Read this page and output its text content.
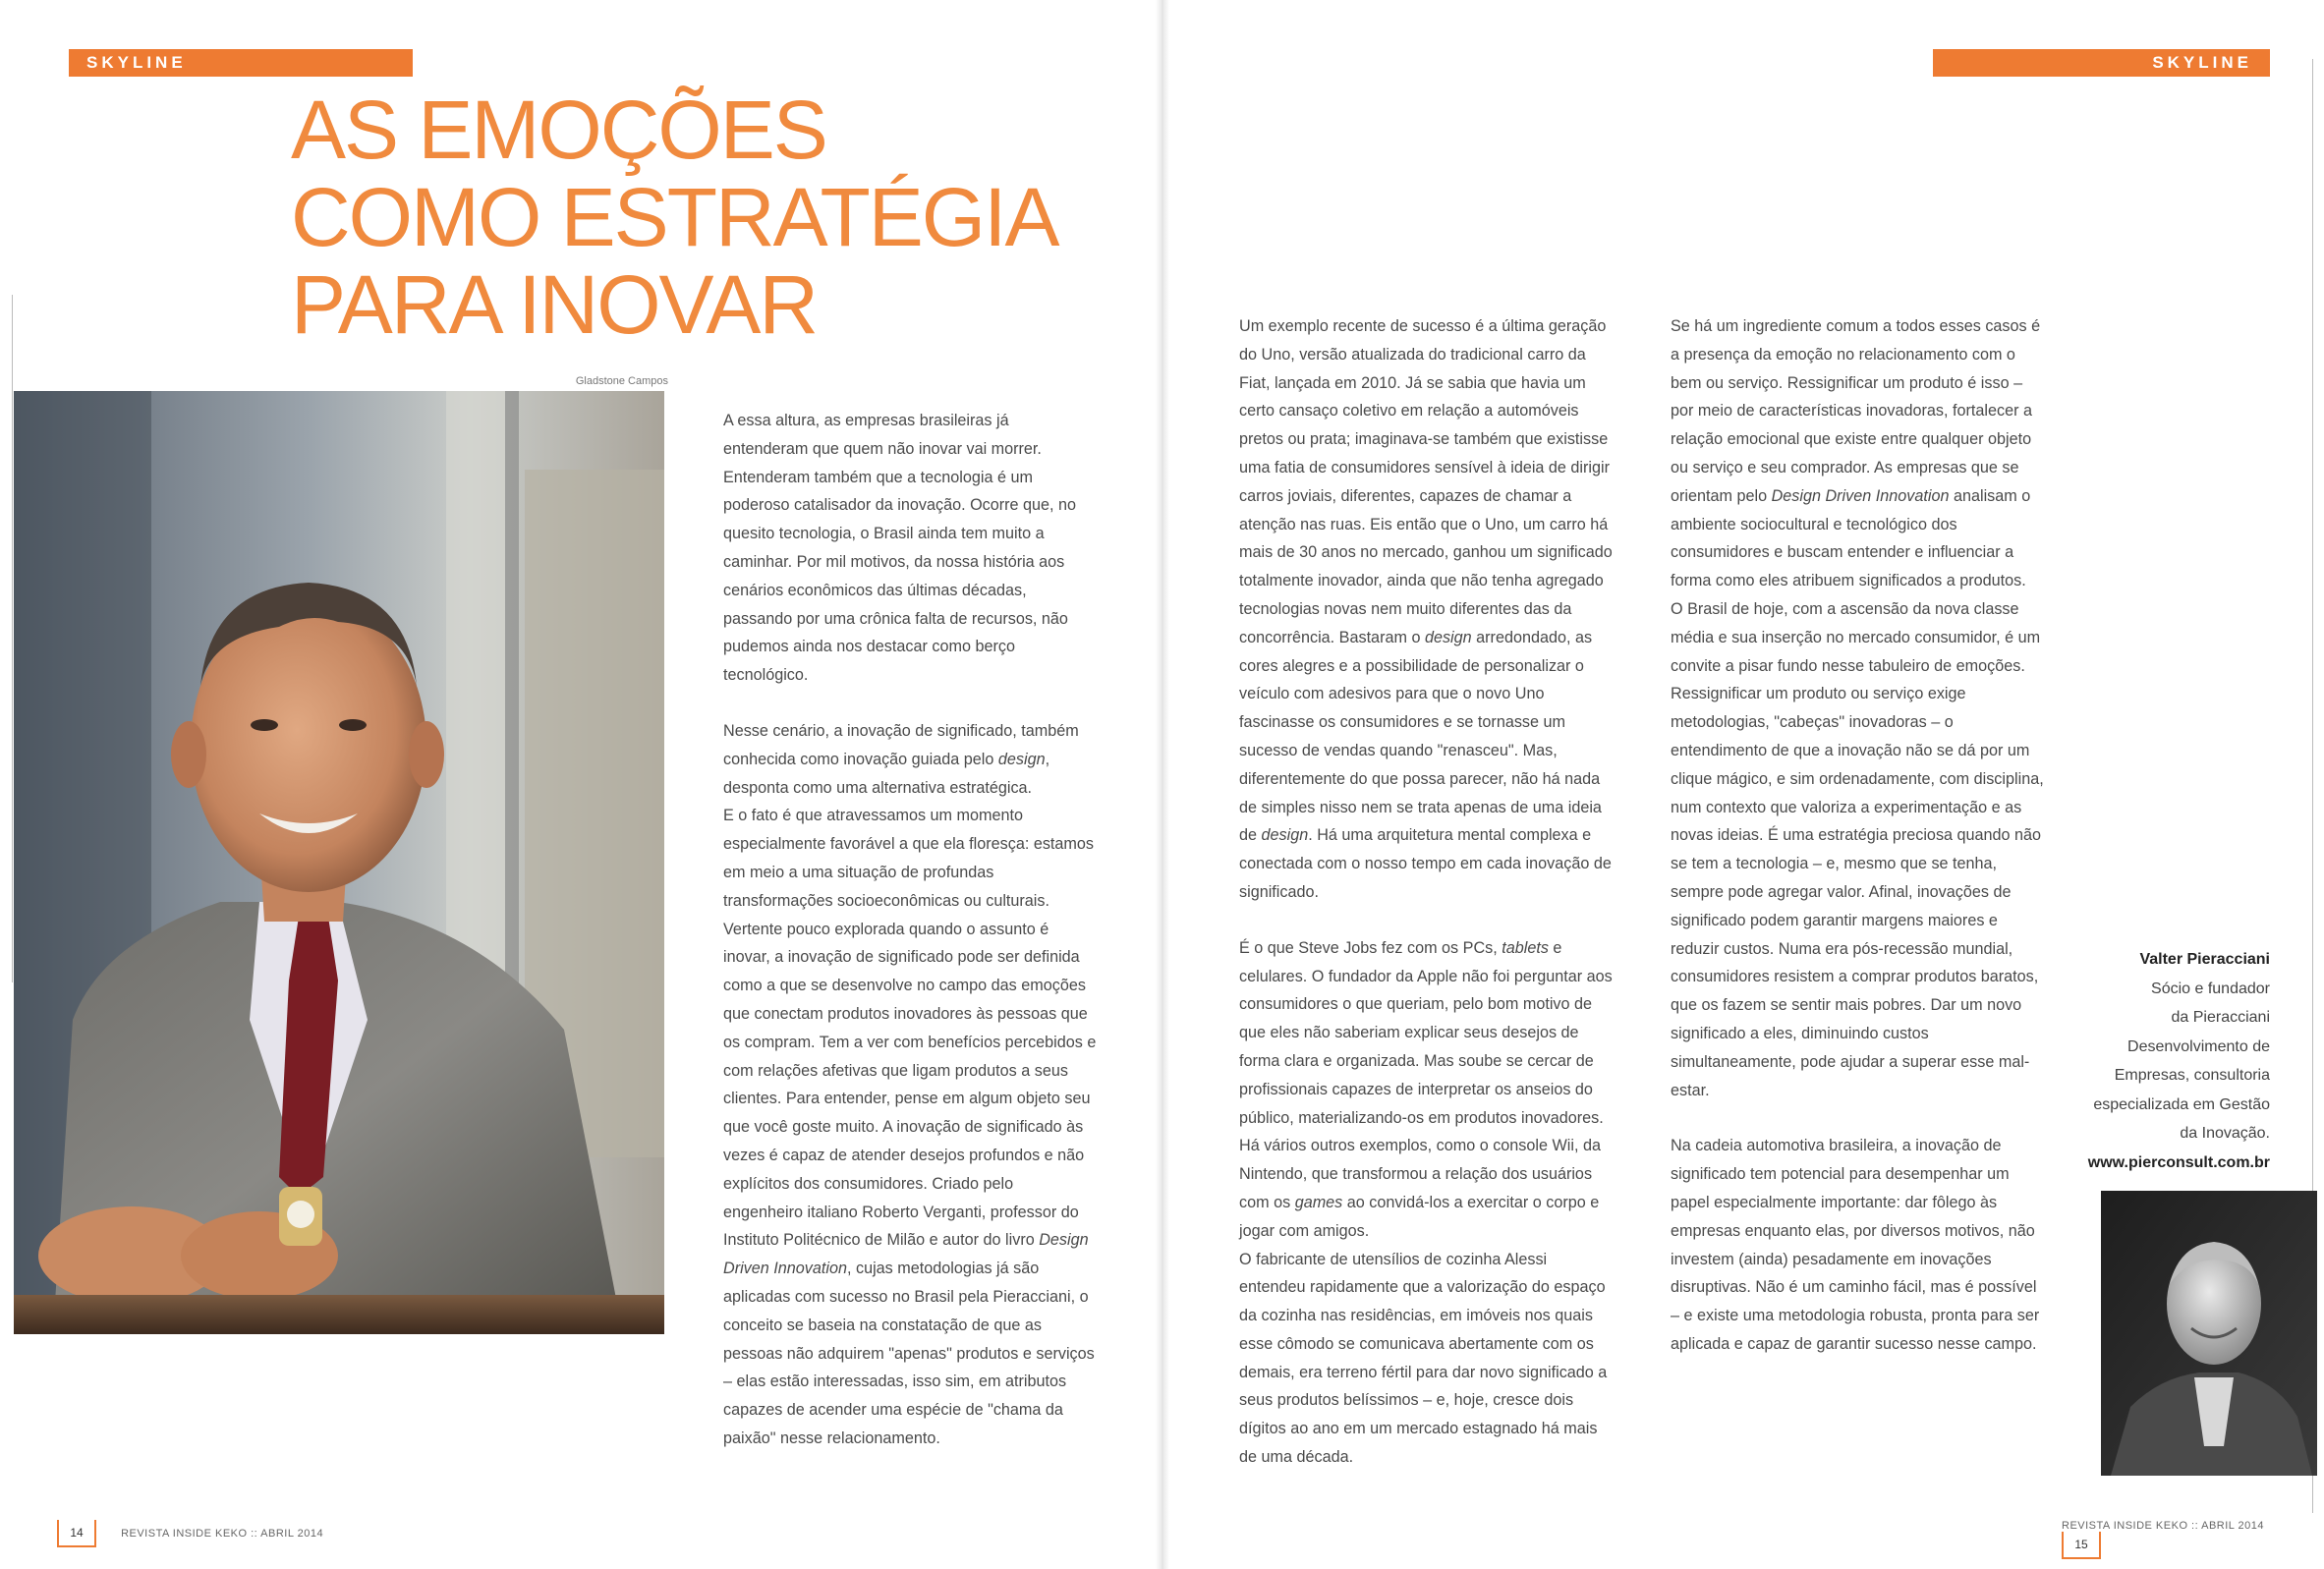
SKYLINE	SKYLINE
AS EMOÇÕES
COMO ESTRATÉGIA
PARA INOVAR
Gladstone Campos

A essa altura, as empresas brasileiras já entenderam que quem não inovar vai morrer. Entenderam também que a tecnologia é um poderoso catalisador da inovação. Ocorre que, no quesito tecnologia, o Brasil ainda tem muito a caminhar. Por mil motivos, da nossa história aos cenários econômicos das últimas décadas, passando por uma crônica falta de recursos, não pudemos ainda nos destacar como berço tecnológico.

Nesse cenário, a inovação de significado, também conhecida como inovação guiada pelo design, desponta como uma alternativa estratégica.

E o fato é que atravessamos um momento especialmente favorável a que ela floresça: estamos em meio a uma situação de profundas transformações socioeconômicas ou culturais. Vertente pouco explorada quando o assunto é inovar, a inovação de significado pode ser definida como a que se desenvolve no campo das emoções que conectam produtos inovadores às pessoas que os compram. Tem a ver com benefícios percebidos e com relações afetivas que ligam produtos a seus clientes. Para entender, pense em algum objeto seu que você goste muito. A inovação de significado às vezes é capaz de atender desejos profundos e não explícitos dos consumidores. Criado pelo engenheiro italiano Roberto Verganti, professor do Instituto Politécnico de Milão e autor do livro Design Driven Innovation, cujas metodologias já são aplicadas com sucesso no Brasil pela Pieracciani, o conceito se baseia na constatação de que as pessoas não adquirem "apenas" produtos e serviços – elas estão interessadas, isso sim, em atributos capazes de acender uma espécie de "chama da paixão" nesse relacionamento.

Um exemplo recente de sucesso é a última geração do Uno, versão atualizada do tradicional carro da Fiat, lançada em 2010. Já se sabia que havia um certo cansaço coletivo em relação a automóveis pretos ou prata; imaginava-se também que existisse uma fatia de consumidores sensível à ideia de dirigir carros joviais, diferentes, capazes de chamar a atenção nas ruas. Eis então que o Uno, um carro há mais de 30 anos no mercado, ganhou um significado totalmente inovador, ainda que não tenha agregado tecnologias novas nem muito diferentes das da concorrência. Bastaram o design arredondado, as cores alegres e a possibilidade de personalizar o veículo com adesivos para que o novo Uno fascinasse os consumidores e se tornasse um sucesso de vendas quando "renasceu". Mas, diferentemente do que possa parecer, não há nada de simples nisso nem se trata apenas de uma ideia de design. Há uma arquitetura mental complexa e conectada com o nosso tempo em cada inovação de significado.

É o que Steve Jobs fez com os PCs, tablets e celulares. O fundador da Apple não foi perguntar aos consumidores o que queriam, pelo bom motivo de que eles não saberiam explicar seus desejos de forma clara e organizada. Mas soube se cercar de profissionais capazes de interpretar os anseios do público, materializando-os em produtos inovadores. Há vários outros exemplos, como o console Wii, da Nintendo, que transformou a relação dos usuários com os games ao convidá-los a exercitar o corpo e jogar com amigos.

O fabricante de utensílios de cozinha Alessi entendeu rapidamente que a valorização do espaço da cozinha nas residências, em imóveis nos quais esse cômodo se comunicava abertamente com os demais, era terreno fértil para dar novo significado a seus produtos belíssimos – e, hoje, cresce dois dígitos ao ano em um mercado estagnado há mais de uma década.

Se há um ingrediente comum a todos esses casos é a presença da emoção no relacionamento com o bem ou serviço. Ressignificar um produto é isso – por meio de características inovadoras, fortalecer a relação emocional que existe entre qualquer objeto ou serviço e seu comprador. As empresas que se orientam pelo Design Driven Innovation analisam o ambiente sociocultural e tecnológico dos consumidores e buscam entender e influenciar a forma como eles atribuem significados a produtos.

O Brasil de hoje, com a ascensão da nova classe média e sua inserção no mercado consumidor, é um convite a pisar fundo nesse tabuleiro de emoções. Ressignificar um produto ou serviço exige metodologias, "cabeças" inovadoras – o entendimento de que a inovação não se dá por um clique mágico, e sim ordenadamente, com disciplina, num contexto que valoriza a experimentação e as novas ideias. É uma estratégia preciosa quando não se tem a tecnologia – e, mesmo que se tenha, sempre pode agregar valor. Afinal, inovações de significado podem garantir margens maiores e reduzir custos. Numa era pós-recessão mundial, consumidores resistem a comprar produtos baratos, que os fazem se sentir mais pobres. Dar um novo significado a eles, diminuindo custos simultaneamente, pode ajudar a superar esse mal-estar.

Na cadeia automotiva brasileira, a inovação de significado tem potencial para desempenhar um papel especialmente importante: dar fôlego às empresas enquanto elas, por diversos motivos, não investem (ainda) pesadamente em inovações disruptivas. Não é um caminho fácil, mas é possível – e existe uma metodologia robusta, pronta para ser aplicada e capaz de garantir sucesso nesse campo.

Valter Pieracciani
Sócio e fundador
da Pieracciani
Desenvolvimento de
Empresas, consultoria
especializada em Gestão
da Inovação.
www.pierconsult.com.br
14	REVISTA INSIDE KEKO :: ABRIL 2014
REVISTA INSIDE KEKO :: ABRIL 2014 15
